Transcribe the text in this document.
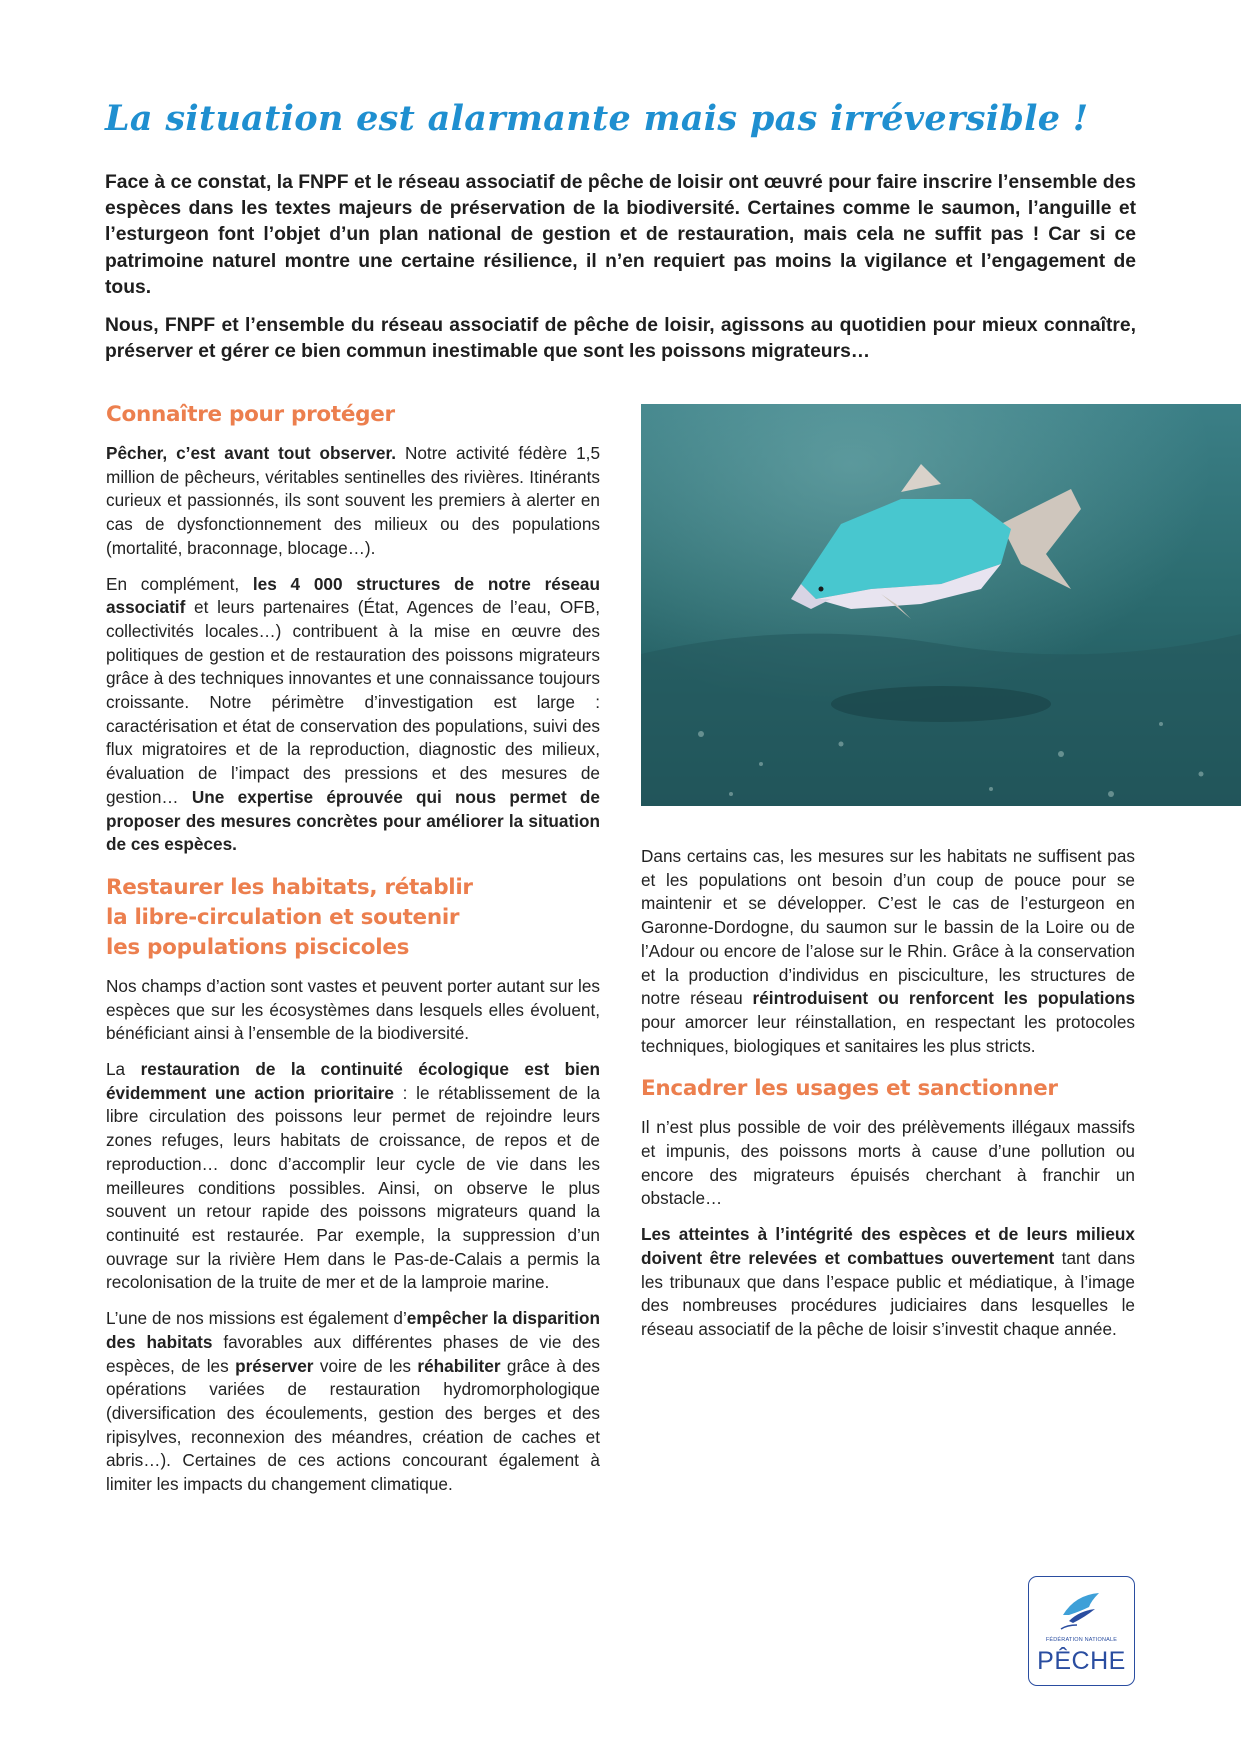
La situation est alarmante mais pas irréversible !

Face à ce constat, la FNPF et le réseau associatif de pêche de loisir ont œuvré pour faire inscrire l’ensemble des espèces dans les textes majeurs de préservation de la biodiversité. Certaines comme le saumon, l’anguille et l’esturgeon font l’objet d’un plan national de gestion et de restauration, mais cela ne suffit pas ! Car si ce patrimoine naturel montre une certaine résilience, il n’en requiert pas moins la vigilance et l’engagement de tous.

Nous, FNPF et l’ensemble du réseau associatif de pêche de loisir, agissons au quotidien pour mieux connaître, préserver et gérer ce bien commun inestimable que sont les poissons migrateurs…

Connaître pour protéger

Pêcher, c’est avant tout observer. Notre activité fédère 1,5 million de pêcheurs, véritables sentinelles des rivières. Itinérants curieux et passionnés, ils sont souvent les premiers à alerter en cas de dysfonctionnement des milieux ou des populations (mortalité, braconnage, blocage…).

En complément, les 4 000 structures de notre réseau associatif et leurs partenaires (État, Agences de l’eau, OFB, collectivités locales…) contribuent à la mise en œuvre des politiques de gestion et de restauration des poissons migrateurs grâce à des techniques innovantes et une connaissance toujours croissante. Notre périmètre d’investigation est large : caractérisation et état de conservation des populations, suivi des flux migratoires et de la reproduction, diagnostic des milieux, évaluation de l’impact des pressions et des mesures de gestion… Une expertise éprouvée qui nous permet de proposer des mesures concrètes pour améliorer la situation de ces espèces.

Restaurer les habitats, rétablir
la libre-circulation et soutenir
les populations piscicoles

Nos champs d’action sont vastes et peuvent porter autant sur les espèces que sur les écosystèmes dans lesquels elles évoluent, bénéficiant ainsi à l’ensemble de la biodiversité.

La restauration de la continuité écologique est bien évidemment une action prioritaire : le rétablissement de la libre circulation des poissons leur permet de rejoindre leurs zones refuges, leurs habitats de croissance, de repos et de reproduction… donc d’accomplir leur cycle de vie dans les meilleures conditions possibles. Ainsi, on observe le plus souvent un retour rapide des poissons migrateurs quand la continuité est restaurée. Par exemple, la suppression d’un ouvrage sur la rivière Hem dans le Pas-de-Calais a permis la recolonisation de la truite de mer et de la lamproie marine.

L’une de nos missions est également d’empêcher la disparition des habitats favorables aux différentes phases de vie des espèces, de les préserver voire de les réhabiliter grâce à des opérations variées de restauration hydromorphologique (diversification des écoulements, gestion des berges et des ripisylves, reconnexion des méandres, création de caches et abris…). Certaines de ces actions concourant également à limiter les impacts du changement climatique.

Dans certains cas, les mesures sur les habitats ne suffisent pas et les populations ont besoin d’un coup de pouce pour se maintenir et se développer. C’est le cas de l’esturgeon en Garonne-Dordogne, du saumon sur le bassin de la Loire ou de l’Adour ou encore de l’alose sur le Rhin. Grâce à la conservation et la production d’individus en pisciculture, les structures de notre réseau réintroduisent ou renforcent les populations pour amorcer leur réinstallation, en respectant les protocoles techniques, biologiques et sanitaires les plus stricts.

Encadrer les usages et sanctionner

Il n’est plus possible de voir des prélèvements illégaux massifs et impunis, des poissons morts à cause d’une pollution ou encore des migrateurs épuisés cherchant à franchir un obstacle…

Les atteintes à l’intégrité des espèces et de leurs milieux doivent être relevées et combattues ouvertement tant dans les tribunaux que dans l’espace public et médiatique, à l’image des nombreuses procédures judiciaires dans lesquelles le réseau associatif de la pêche de loisir s’investit chaque année.

FÉDÉRATION NATIONALE
PÊCHE
